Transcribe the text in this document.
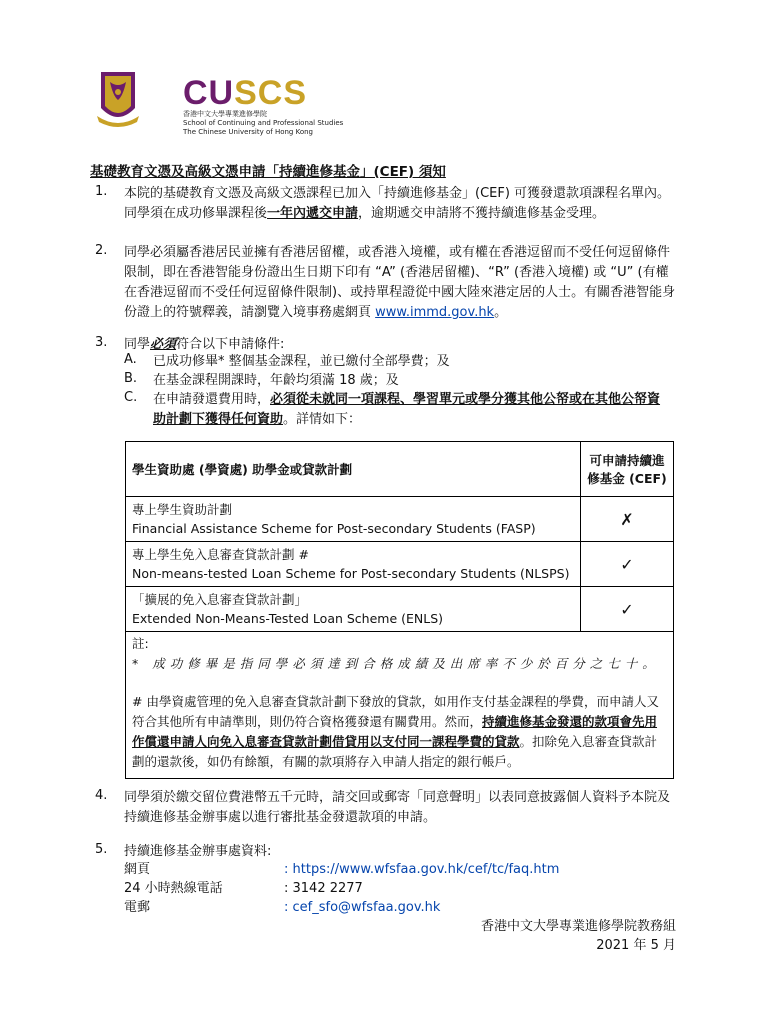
CUSCS
香港中文大學專業進修學院
School of Continuing and Professional Studies
The Chinese University of Hong Kong
基礎教育文憑及高級文憑申請「持續進修基金」(CEF) 須知
1. 本院的基礎教育文憑及高級文憑課程已加入「持續進修基金」(CEF) 可獲發還款項課程名單內。同學須在成功修畢課程後一年內遞交申請，逾期遞交申請將不獲持續進修基金受理。
2. 同學必須屬香港居民並擁有香港居留權，或香港入境權，或有權在香港逗留而不受任何逗留條件限制，即在香港智能身份證出生日期下印有 “A” (香港居留權)、“R” (香港入境權) 或 “U” (有權在香港逗留而不受任何逗留條件限制)、或持單程證從中國大陸來港定居的人士。有關香港智能身份證上的符號釋義，請瀏覽入境事務處網頁 www.immd.gov.hk。
3. 同學必須符合以下申請條件:
A. 已成功修畢* 整個基金課程，並已繳付全部學費；及
B. 在基金課程開課時，年齡均須滿 18 歲；及
C. 在申請發還費用時，必須從未就同一項課程、學習單元或學分獲其他公帑或在其他公帑資助計劃下獲得任何資助。詳情如下：
學生資助處 (學資處) 助學金或貸款計劃	可申請持續進修基金 (CEF)

專上學生資助計劃
Financial Assistance Scheme for Post-secondary Students (FASP)	✗

專上學生免入息審查貸款計劃 #
Non-means-tested Loan Scheme for Post-secondary Students (NLSPS)	✓

「擴展的免入息審查貸款計劃」
Extended Non-Means-Tested Loan Scheme (ENLS)	✓

註:
* 成功修畢是指同學必須達到合格成績及出席率不少於百分之七十。
# 由學資處管理的免入息審查貸款計劃下發放的貸款，如用作支付基金課程的學費，而申請人又符合其他所有申請準則，則仍符合資格獲發還有關費用。然而，持續進修基金發還的款項會先用作償還申請人向免入息審查貸款計劃借貸用以支付同一課程學費的貸款。扣除免入息審查貸款計劃的還款後，如仍有餘額，有關的款項將存入申請人指定的銀行帳戶。	
4. 同學須於繳交留位費港幣五千元時，請交回或郵寄「同意聲明」以表同意披露個人資料予本院及持續進修基金辦事處以進行審批基金發還款項的申請。
5. 持續進修基金辦事處資料:
網頁	: https://www.wfsfaa.gov.hk/cef/tc/faq.htm
24 小時熱線電話	: 3142 2277
電郵	: cef_sfo@wfsfaa.gov.hk
香港中文大學專業進修學院教務組
2021 年 5 月
